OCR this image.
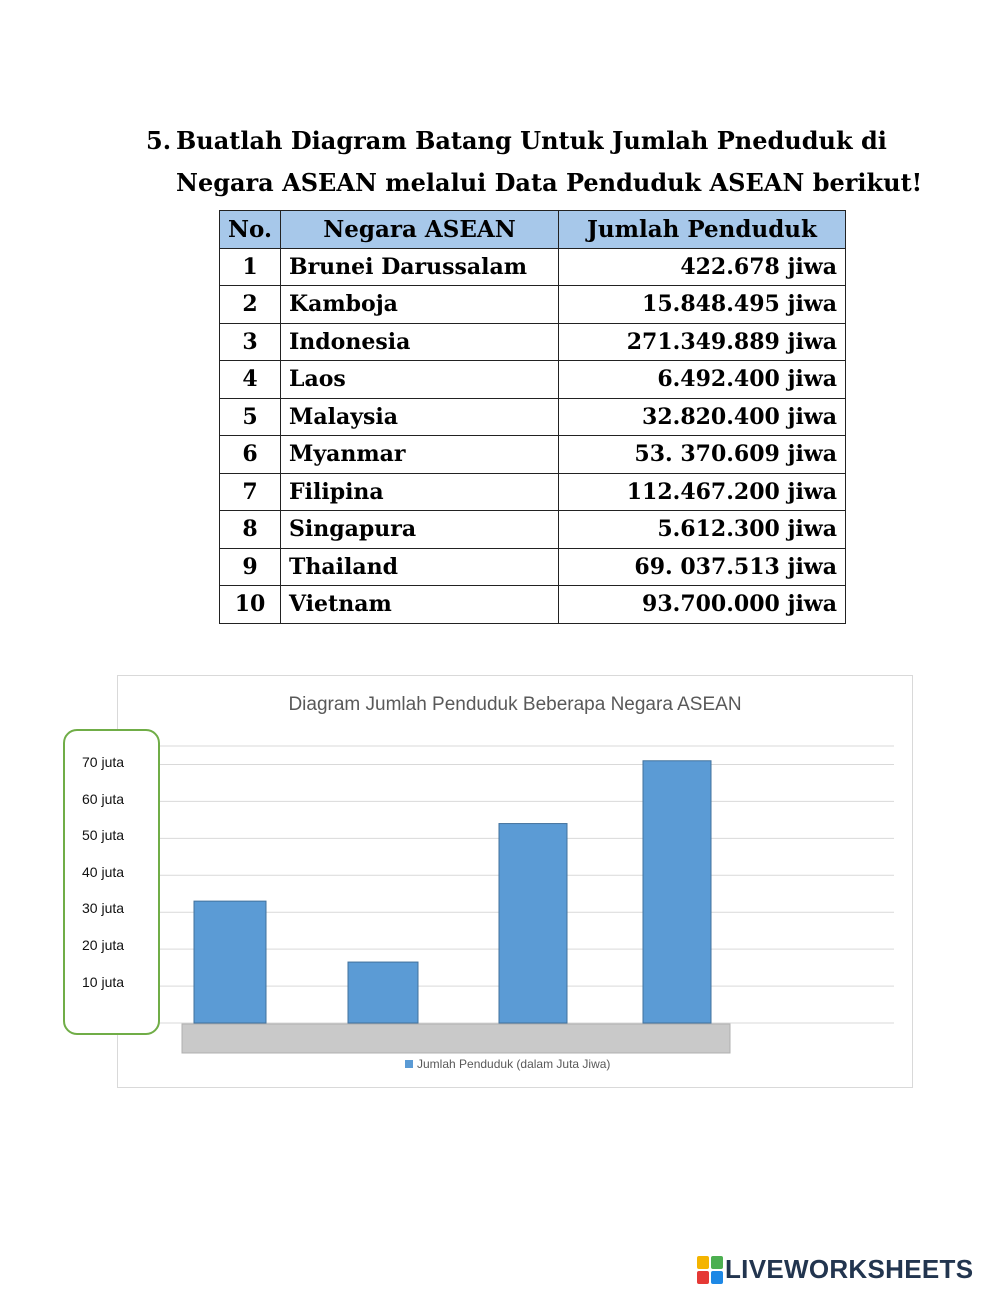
5. Buatlah Diagram Batang Untuk Jumlah Pneduduk di
Negara ASEAN melalui Data Penduduk ASEAN berikut!
No.	Negara ASEAN	Jumlah Penduduk
1	Brunei Darussalam	422.678 jiwa
2	Kamboja	15.848.495 jiwa
3	Indonesia	271.349.889 jiwa
4	Laos	6.492.400 jiwa
5	Malaysia	32.820.400 jiwa
6	Myanmar	53. 370.609 jiwa
7	Filipina	112.467.200 jiwa
8	Singapura	5.612.300 jiwa
9	Thailand	69. 037.513 jiwa
10	Vietnam	93.700.000 jiwa
Diagram Jumlah Penduduk Beberapa Negara ASEAN
Jumlah Penduduk (dalam Juta Jiwa)
70 juta
60 juta
50 juta
40 juta
30 juta
20 juta
10 juta
LIVEWORKSHEETS
